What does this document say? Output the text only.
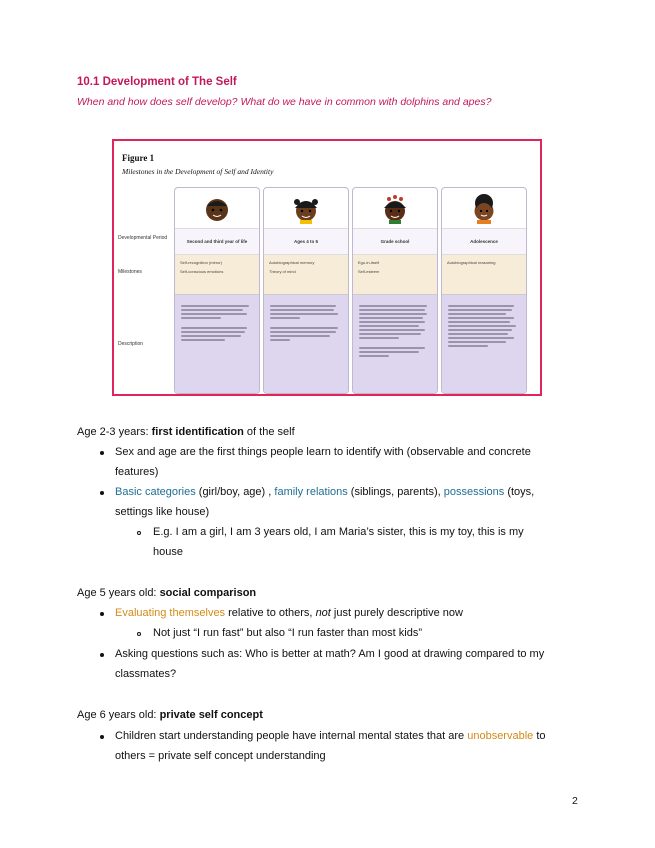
10.1 Development of The Self
When and how does self develop? What do we have in common with dolphins and apes?
Figure 1
Milestones in the Development of Self and Identity
Developmental Period
Milestones
Description
Second and third year of life
Self-recognition (mirror)
Self-conscious emotions
Ages 4 to 5
Autobiographical memory
Theory of mind
Grade school
Ego-in-itself
Self-esteem
Adolescence
Autobiographical reasoning
Age 2-3 years: first identification of the self
Sex and age are the first things people learn to identify with (observable and concrete
features)
Basic categories (girl/boy, age) , family relations (siblings, parents), possessions (toys,
settings like house)
E.g. I am a girl, I am 3 years old, I am Maria’s sister, this is my toy, this is my
house
Age 5 years old: social comparison
Evaluating themselves relative to others, not just purely descriptive now
Not just “I run fast” but also “I run faster than most kids”
Asking questions such as: Who is better at math? Am I good at drawing compared to my
classmates?
Age 6 years old: private self concept
Children start understanding people have internal mental states that are unobservable to
others = private self concept understanding
2
